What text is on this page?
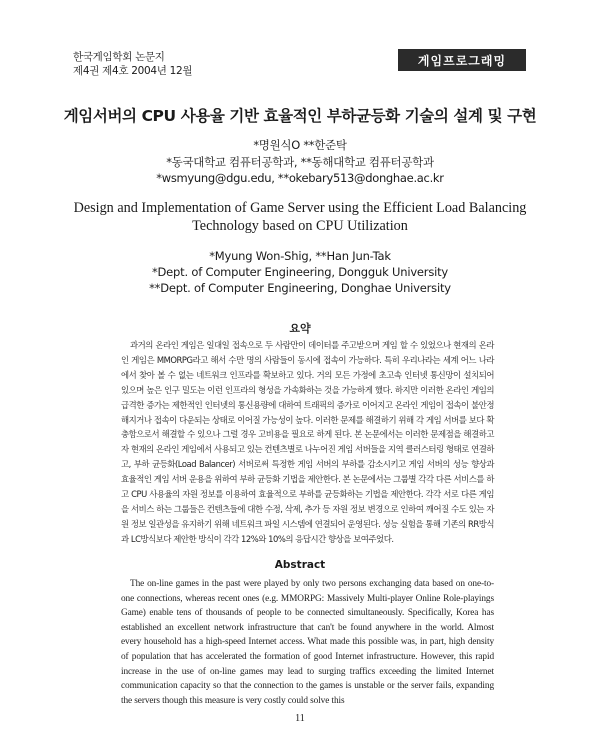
한국게임학회 논문지
제4권 제4호 2004년 12월
게임프로그래밍
게임서버의 CPU 사용율 기반 효율적인 부하균등화 기술의 설계 및 구현
*명원식O **한준탁
*동국대학교 컴퓨터공학과, **동해대학교 컴퓨터공학과
*wsmyung@dgu.edu, **okebary513@donghae.ac.kr
Design and Implementation of Game Server using the Efficient Load Balancing
Technology based on CPU Utilization
*Myung Won-Shig, **Han Jun-Tak
*Dept. of Computer Engineering, Dongguk University
**Dept. of Computer Engineering, Donghae University
요약
과거의 온라인 게임은 일대일 접속으로 두 사람만이 데이터를 주고받으며 게임 할 수 있었으나 현재의 온라인 게임은 MMORPG라고 해서 수만 명의 사람들이 동시에 접속이 가능하다. 특히 우리나라는 세계 어느 나라에서 찾아 볼 수 없는 네트워크 인프라를 확보하고 있다. 거의 모든 가정에 초고속 인터넷 통신망이 설치되어 있으며 높은 인구 밀도는 이런 인프라의 형성을 가속화하는 것을 가능하게 했다. 하지만 이러한 온라인 게임의 급격한 증가는 제한적인 인터넷의 통신용량에 대하여 트래픽의 증가로 이어지고 온라인 게임이 접속이 불안정해지거나 접속이 다운되는 상태로 이어질 가능성이 높다. 이러한 문제를 해결하기 위해 각 게임 서버를 보다 확충함으로서 해결할 수 있으나 그럴 경우 고비용을 필요로 하게 된다. 본 논문에서는 이러한 문제점을 해결하고자 현재의 온라인 게임에서 사용되고 있는 컨텐츠별로 나누어진 게임 서버들을 지역 클러스터링 형태로 연결하고, 부하 균등화(Load Balancer) 서버로써 특정한 게임 서버의 부하를 감소시키고 게임 서버의 성능 향상과 효율적인 게임 서버 운용을 위하여 부하 균등화 기법을 제안한다. 본 논문에서는 그룹별 각각 다른 서비스를 하고 CPU 사용율의 자원 정보를 이용하여 효율적으로 부하를 균등화하는 기법을 제안한다. 각각 서로 다른 게임을 서비스 하는 그룹들은 컨텐츠들에 대한 수정, 삭제, 추가 등 자원 정보 변경으로 인하여 깨어질 수도 있는 자원 정보 일관성을 유지하기 위해 네트워크 파일 시스템에 연결되어 운영된다. 성능 실험을 통해 기존의 RR방식과 LC방식보다 제안한 방식이 각각 12%와 10%의 응답시간 향상을 보여주었다.
Abstract
The on-line games in the past were played by only two persons exchanging data based on one-to-one connections, whereas recent ones (e.g. MMORPG: Massively Multi-player Online Role-playings Game) enable tens of thousands of people to be connected simultaneously. Specifically, Korea has established an excellent network infrastructure that can't be found anywhere in the world. Almost every household has a high-speed Internet access. What made this possible was, in part, high density of population that has accelerated the formation of good Internet infrastructure. However, this rapid increase in the use of on-line games may lead to surging traffics exceeding the limited Internet communication capacity so that the connection to the games is unstable or the server fails, expanding the servers though this measure is very costly could solve this
11
